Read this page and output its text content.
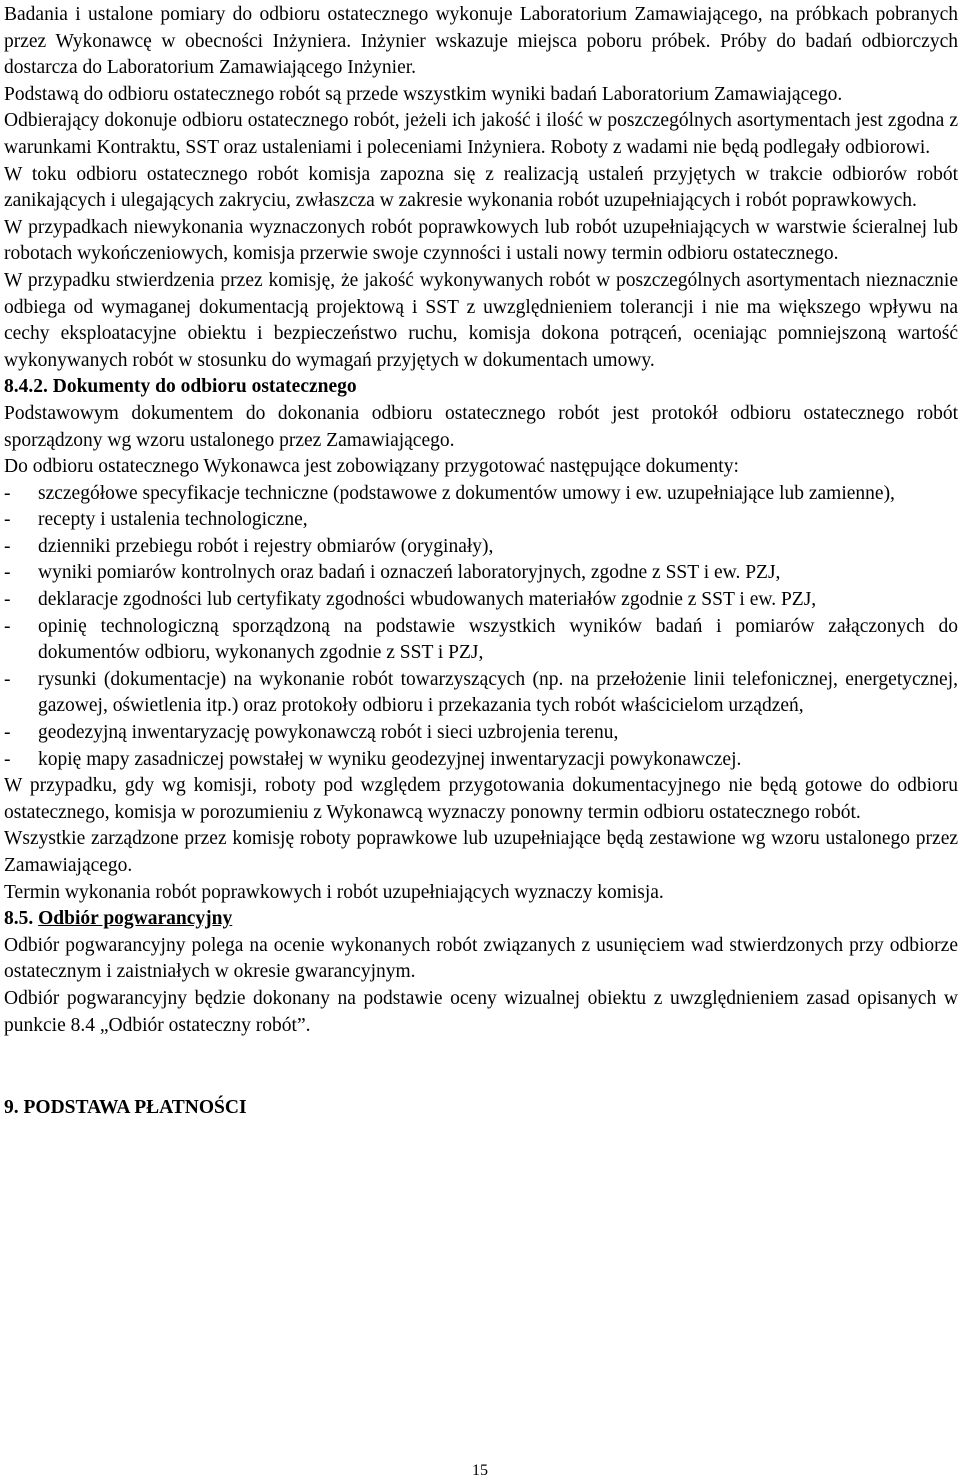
Badania i ustalone pomiary do odbioru ostatecznego wykonuje Laboratorium Zamawiającego, na próbkach pobranych przez Wykonawcę w obecności Inżyniera. Inżynier wskazuje miejsca poboru próbek. Próby do badań odbiorczych dostarcza do Laboratorium Zamawiającego Inżynier.

Podstawą do odbioru ostatecznego robót są przede wszystkim wyniki badań Laboratorium Zamawiającego.

Odbierający dokonuje odbioru ostatecznego robót, jeżeli ich jakość i ilość w poszczególnych asortymentach jest zgodna z warunkami Kontraktu, SST oraz ustaleniami i poleceniami Inżyniera. Roboty z wadami nie będą podlegały odbiorowi.

W toku odbioru ostatecznego robót komisja zapozna się z realizacją ustaleń przyjętych w trakcie odbiorów robót zanikających i ulegających zakryciu, zwłaszcza w zakresie wykonania robót uzupełniających i robót poprawkowych.

W przypadkach niewykonania wyznaczonych robót poprawkowych lub robót uzupełniających w warstwie ścieralnej lub robotach wykończeniowych, komisja przerwie swoje czynności i ustali nowy termin odbioru ostatecznego.

W przypadku stwierdzenia przez komisję, że jakość wykonywanych robót w poszczególnych asortymentach nieznacznie odbiega od wymaganej dokumentacją projektową i SST z uwzględnieniem tolerancji i nie ma większego wpływu na cechy eksploatacyjne obiektu i bezpieczeństwo ruchu, komisja dokona potrąceń, oceniając pomniejszoną wartość wykonywanych robót w stosunku do wymagań przyjętych w dokumentach umowy.

8.4.2. Dokumenty do odbioru ostatecznego

Podstawowym dokumentem do dokonania odbioru ostatecznego robót jest protokół odbioru ostatecznego robót sporządzony wg wzoru ustalonego przez Zamawiającego.

Do odbioru ostatecznego Wykonawca jest zobowiązany przygotować następujące dokumenty:

- szczegółowe specyfikacje techniczne (podstawowe z dokumentów umowy i ew. uzupełniające lub zamienne),
- recepty i ustalenia technologiczne,
- dzienniki przebiegu robót i rejestry obmiarów (oryginały),
- wyniki pomiarów kontrolnych oraz badań i oznaczeń laboratoryjnych, zgodne z SST i ew. PZJ,
- deklaracje zgodności lub certyfikaty zgodności wbudowanych materiałów zgodnie z SST i ew. PZJ,
- opinię technologiczną sporządzoną na podstawie wszystkich wyników badań i pomiarów załączonych do dokumentów odbioru, wykonanych zgodnie z SST i PZJ,
- rysunki (dokumentacje) na wykonanie robót towarzyszących (np. na przełożenie linii telefonicznej, energetycznej, gazowej, oświetlenia itp.) oraz protokoły odbioru i przekazania tych robót właścicielom urządzeń,
- geodezyjną inwentaryzację powykonawczą robót i sieci uzbrojenia terenu,
- kopię mapy zasadniczej powstałej w wyniku geodezyjnej inwentaryzacji powykonawczej.

W przypadku, gdy wg komisji, roboty pod względem przygotowania dokumentacyjnego nie będą gotowe do odbioru ostatecznego, komisja w porozumieniu z Wykonawcą wyznaczy ponowny termin odbioru ostatecznego robót.

Wszystkie zarządzone przez komisję roboty poprawkowe lub uzupełniające będą zestawione wg wzoru ustalonego przez Zamawiającego.

Termin wykonania robót poprawkowych i robót uzupełniających wyznaczy komisja.

8.5. Odbiór pogwarancyjny

Odbiór pogwarancyjny polega na ocenie wykonanych robót związanych z usunięciem wad stwierdzonych przy odbiorze ostatecznym i zaistniałych w okresie gwarancyjnym.

Odbiór pogwarancyjny będzie dokonany na podstawie oceny wizualnej obiektu z uwzględnieniem zasad opisanych w punkcie 8.4 „Odbiór ostateczny robót”.

9. PODSTAWA PŁATNOŚCI

15
